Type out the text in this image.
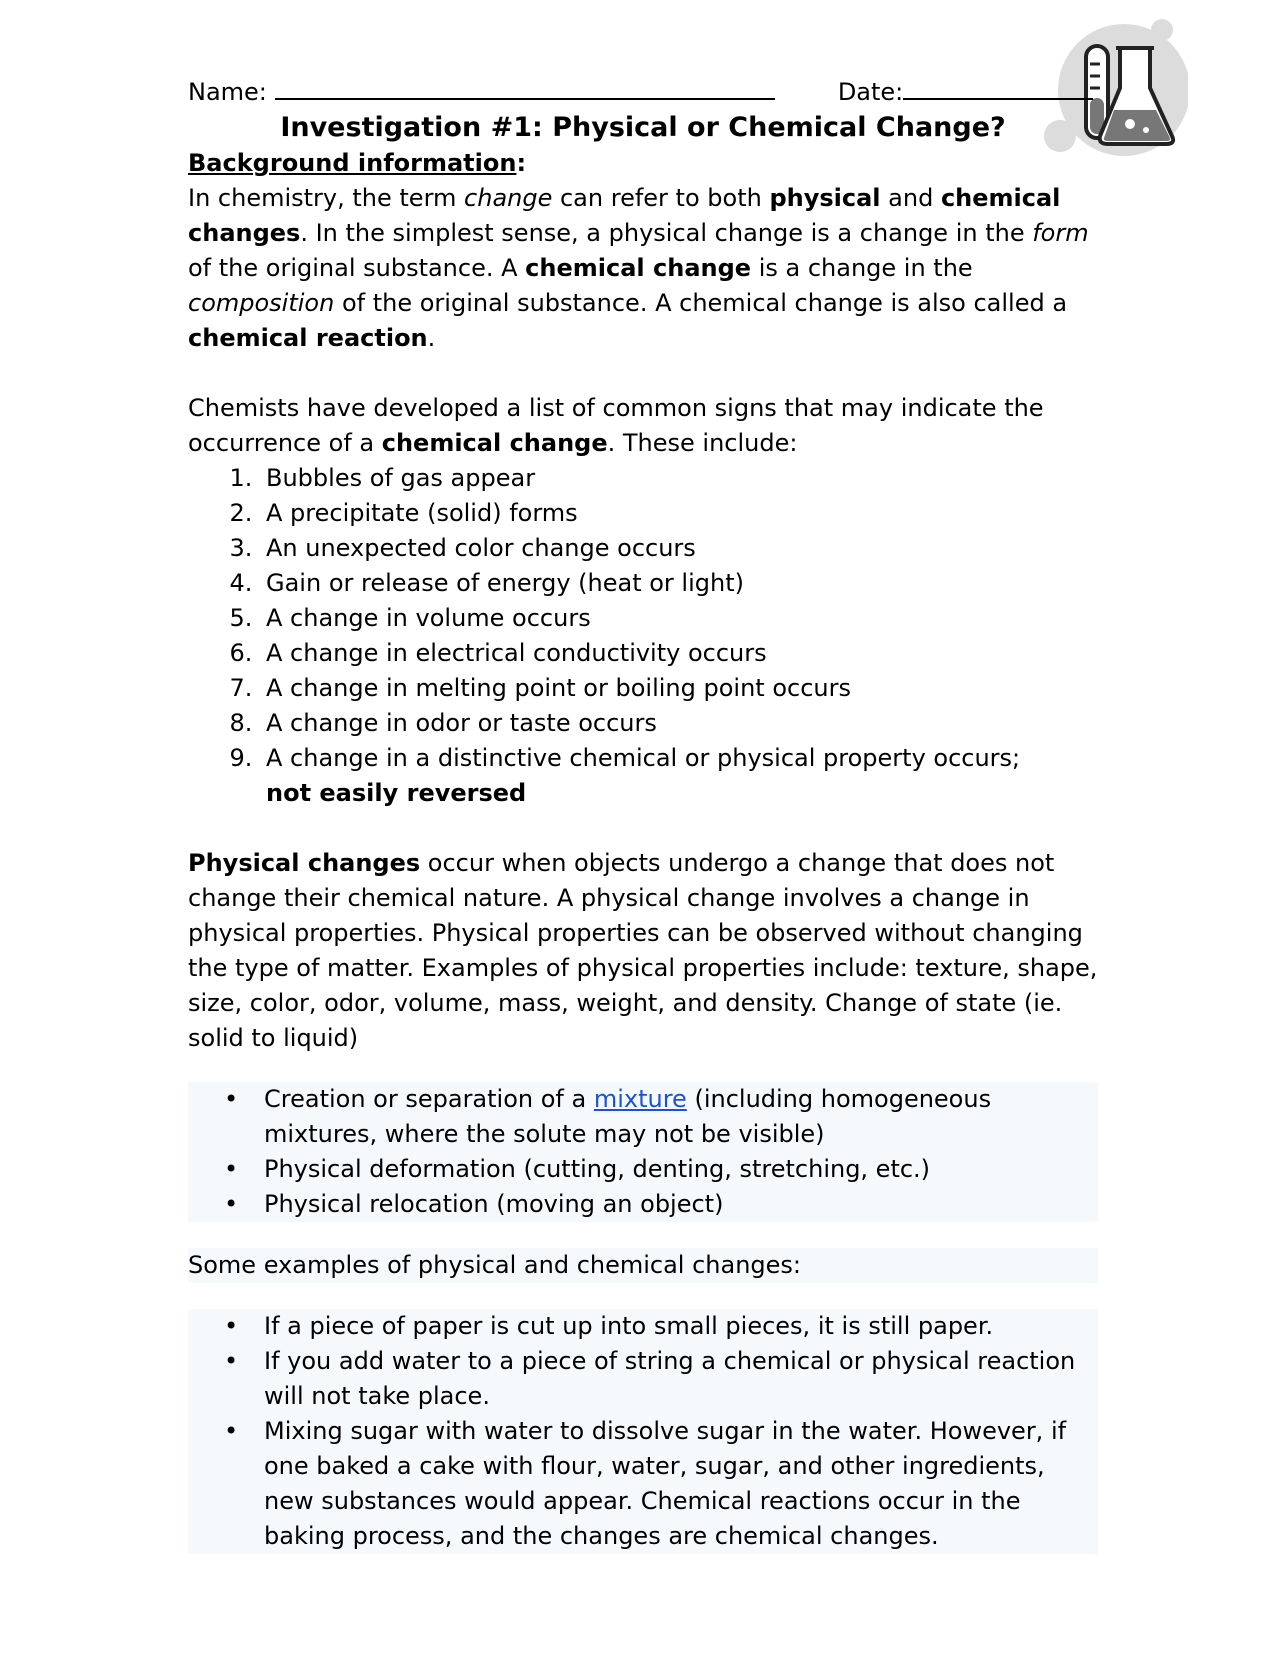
Name:	Date:
Investigation #1: Physical or Chemical Change?
Background information:

In chemistry, the term change can refer to both physical and chemical changes. In the simplest sense, a physical change is a change in the form of the original substance. A chemical change is a change in the composition of the original substance. A chemical change is also called a chemical reaction.

Chemists have developed a list of common signs that may indicate the occurrence of a chemical change. These include:

1. Bubbles of gas appear
2. A precipitate (solid) forms
3. An unexpected color change occurs
4. Gain or release of energy (heat or light)
5. A change in volume occurs
6. A change in electrical conductivity occurs
7. A change in melting point or boiling point occurs
8. A change in odor or taste occurs
9. A change in a distinctive chemical or physical property occurs;
not easily reversed

Physical changes occur when objects undergo a change that does not change their chemical nature. A physical change involves a change in physical properties. Physical properties can be observed without changing the type of matter. Examples of physical properties include: texture, shape, size, color, odor, volume, mass, weight, and density. Change of state (ie. solid to liquid)

• Creation or separation of a mixture (including homogeneous mixtures, where the solute may not be visible)
• Physical deformation (cutting, denting, stretching, etc.)
• Physical relocation (moving an object)

Some examples of physical and chemical changes:

• If a piece of paper is cut up into small pieces, it is still paper.
• If you add water to a piece of string a chemical or physical reaction will not take place.
• Mixing sugar with water to dissolve sugar in the water. However, if one baked a cake with flour, water, sugar, and other ingredients, new substances would appear. Chemical reactions occur in the baking process, and the changes are chemical changes.
